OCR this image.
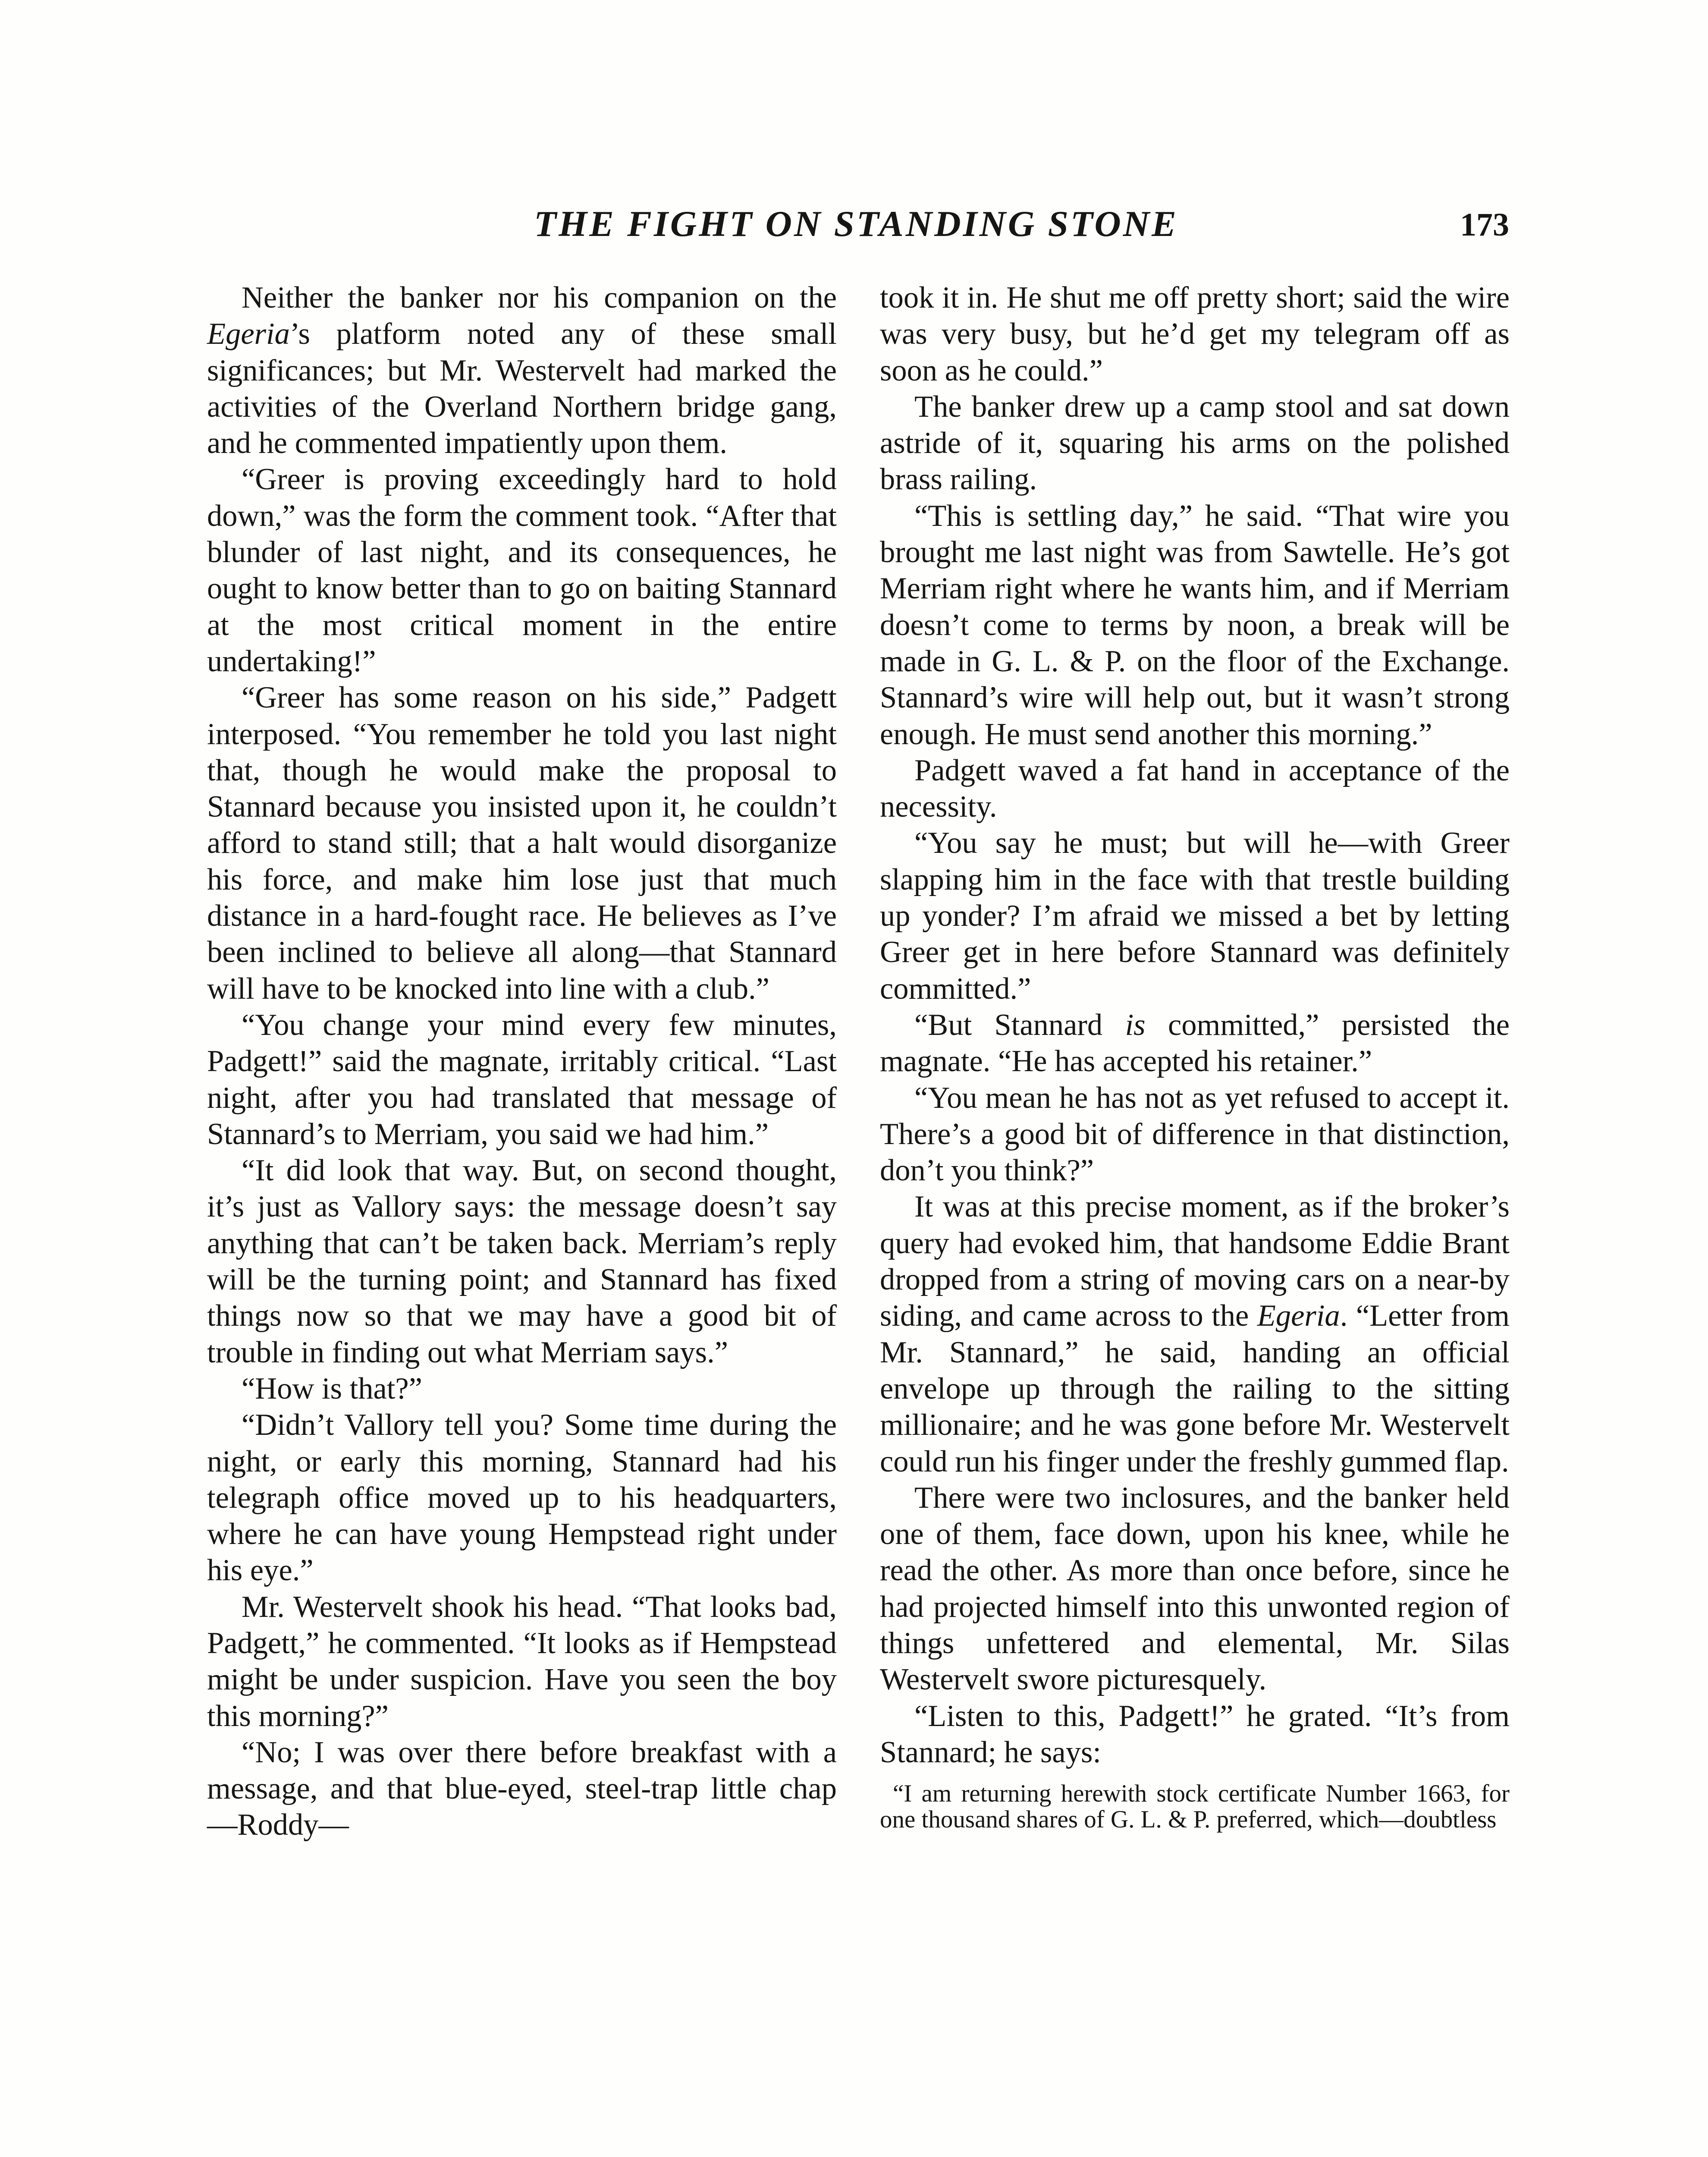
THE FIGHT ON STANDING STONE	173

Neither the banker nor his companion on the Egeria’s platform noted any of these small significances; but Mr. Westervelt had marked the activities of the Overland Northern bridge gang, and he commented impatiently upon them.

“Greer is proving exceedingly hard to hold down,” was the form the comment took. “After that blunder of last night, and its consequences, he ought to know better than to go on baiting Stannard at the most critical moment in the entire undertaking!”

“Greer has some reason on his side,” Padgett interposed. “You remember he told you last night that, though he would make the proposal to Stannard because you insisted upon it, he couldn’t afford to stand still; that a halt would disorganize his force, and make him lose just that much distance in a hard-fought race. He believes as I’ve been inclined to believe all along—that Stannard will have to be knocked into line with a club.”

“You change your mind every few minutes, Padgett!” said the magnate, irritably critical. “Last night, after you had translated that message of Stannard’s to Merriam, you said we had him.”

“It did look that way. But, on second thought, it’s just as Vallory says: the message doesn’t say anything that can’t be taken back. Merriam’s reply will be the turning point; and Stannard has fixed things now so that we may have a good bit of trouble in finding out what Merriam says.”

“How is that?”

“Didn’t Vallory tell you? Some time during the night, or early this morning, Stannard had his telegraph office moved up to his headquarters, where he can have young Hempstead right under his eye.”

Mr. Westervelt shook his head. “That looks bad, Padgett,” he commented. “It looks as if Hempstead might be under suspicion. Have you seen the boy this morning?”

“No; I was over there before breakfast with a message, and that blue-eyed, steel-trap little chap—Roddy—

took it in. He shut me off pretty short; said the wire was very busy, but he’d get my telegram off as soon as he could.”

The banker drew up a camp stool and sat down astride of it, squaring his arms on the polished brass railing.

“This is settling day,” he said. “That wire you brought me last night was from Sawtelle. He’s got Merriam right where he wants him, and if Merriam doesn’t come to terms by noon, a break will be made in G. L. & P. on the floor of the Exchange. Stannard’s wire will help out, but it wasn’t strong enough. He must send another this morning.”

Padgett waved a fat hand in acceptance of the necessity.

“You say he must; but will he—with Greer slapping him in the face with that trestle building up yonder? I’m afraid we missed a bet by letting Greer get in here before Stannard was definitely committed.”

“But Stannard is committed,” persisted the magnate. “He has accepted his retainer.”

“You mean he has not as yet refused to accept it. There’s a good bit of difference in that distinction, don’t you think?”

It was at this precise moment, as if the broker’s query had evoked him, that handsome Eddie Brant dropped from a string of moving cars on a near-by siding, and came across to the Egeria. “Letter from Mr. Stannard,” he said, handing an official envelope up through the railing to the sitting millionaire; and he was gone before Mr. Westervelt could run his finger under the freshly gummed flap.

There were two inclosures, and the banker held one of them, face down, upon his knee, while he read the other. As more than once before, since he had projected himself into this unwonted region of things unfettered and elemental, Mr. Silas Westervelt swore picturesquely.

“Listen to this, Padgett!” he grated. “It’s from Stannard; he says:

“I am returning herewith stock certificate Number 1663, for one thousand shares of G. L. & P. preferred, which—doubtless
